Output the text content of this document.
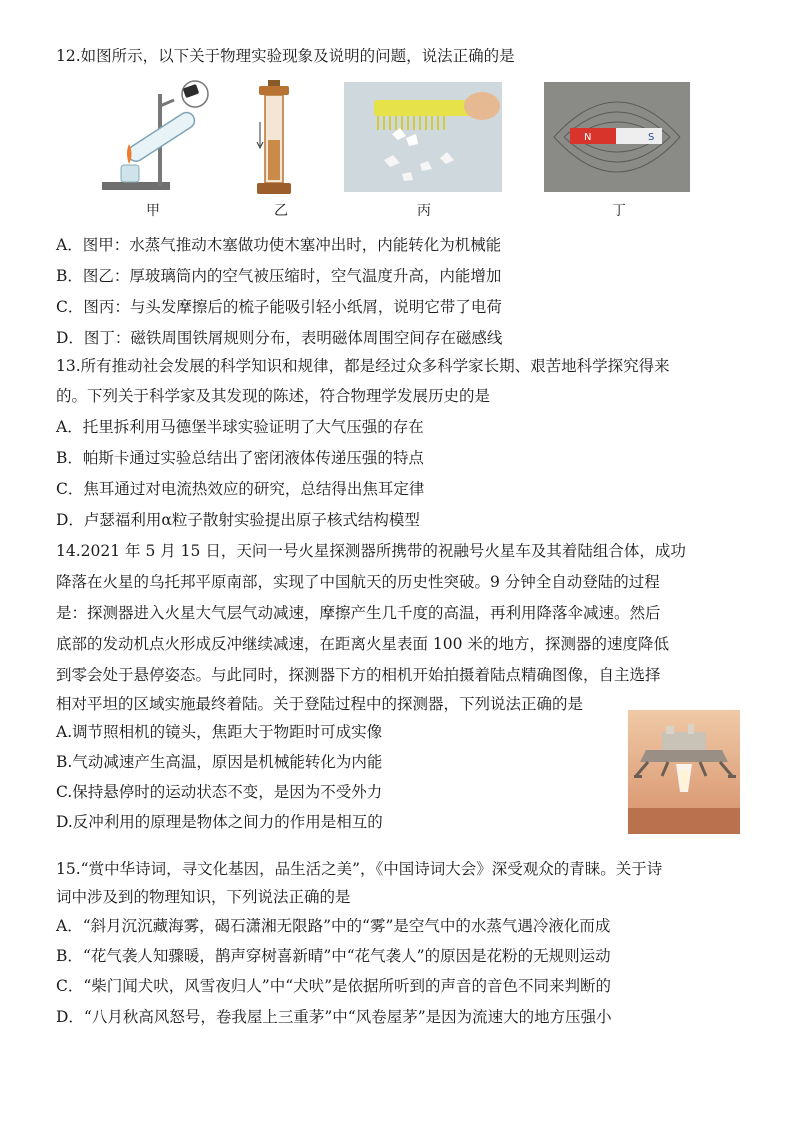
12.如图所示，以下关于物理实验现象及说明的问题，说法正确的是
甲	乙	丙
N	S
丁
A．图甲：水蒸气推动木塞做功使木塞冲出时，内能转化为机械能
B．图乙：厚玻璃筒内的空气被压缩时，空气温度升高，内能增加
C．图丙：与头发摩擦后的梳子能吸引轻小纸屑，说明它带了电荷
D．图丁：磁铁周围铁屑规则分布，表明磁体周围空间存在磁感线
13.所有推动社会发展的科学知识和规律，都是经过众多科学家长期、艰苦地科学探究得来
的。下列关于科学家及其发现的陈述，符合物理学发展历史的是
A．托里拆利用马德堡半球实验证明了大气压强的存在
B．帕斯卡通过实验总结出了密闭液体传递压强的特点
C．焦耳通过对电流热效应的研究，总结得出焦耳定律
D．卢瑟福利用α粒子散射实验提出原子核式结构模型
14.2021 年 5 月 15 日，天问一号火星探测器所携带的祝融号火星车及其着陆组合体，成功
降落在火星的乌托邦平原南部，实现了中国航天的历史性突破。9 分钟全自动登陆的过程
是：探测器进入火星大气层气动减速，摩擦产生几千度的高温，再利用降落伞减速。然后
底部的发动机点火形成反冲继续减速，在距离火星表面 100 米的地方，探测器的速度降低
到零会处于悬停姿态。与此同时，探测器下方的相机开始拍摄着陆点精确图像，自主选择
相对平坦的区域实施最终着陆。关于登陆过程中的探测器，下列说法正确的是
A.调节照相机的镜头，焦距大于物距时可成实像
B.气动减速产生高温，原因是机械能转化为内能
C.保持悬停时的运动状态不变，是因为不受外力
D.反冲利用的原理是物体之间力的作用是相互的
15.“赏中华诗词，寻文化基因，品生活之美”，《中国诗词大会》深受观众的青睐。关于诗
词中涉及到的物理知识，下列说法正确的是
A．“斜月沉沉藏海雾，碣石潇湘无限路”中的“雾”是空气中的水蒸气遇冷液化而成
B．“花气袭人知骤暖，鹊声穿树喜新晴”中“花气袭人”的原因是花粉的无规则运动
C．“柴门闻犬吠，风雪夜归人”中“犬吠”是依据所听到的声音的音色不同来判断的
D．“八月秋高风怒号，卷我屋上三重茅”中“风卷屋茅”是因为流速大的地方压强小
